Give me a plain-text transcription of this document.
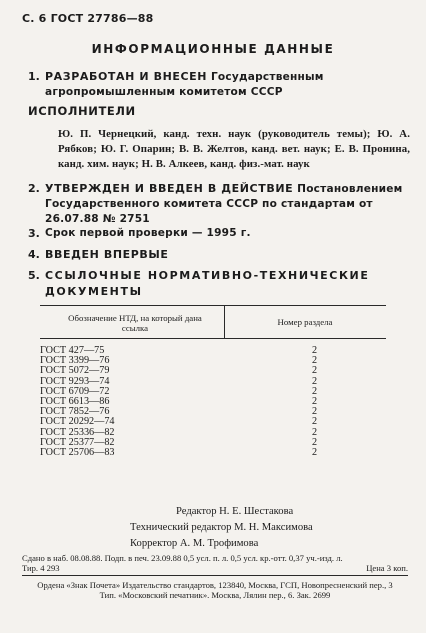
С. 6 ГОСТ 27786—88
ИНФОРМАЦИОННЫЕ ДАННЫЕ
1. РАЗРАБОТАН И ВНЕСЕН Государственным агропромышленным комитетом СССР
ИСПОЛНИТЕЛИ
Ю. П. Чернецкий, канд. техн. наук (руководитель темы); Ю. А. Рябков; Ю. Г. Опарин; В. В. Желтов, канд. вет. наук; Е. В. Пронина, канд. хим. наук; Н. В. Алкеев, канд. физ.-мат. наук
2. УТВЕРЖДЕН И ВВЕДЕН В ДЕЙСТВИЕ Постановлением Государственного комитета СССР по стандартам от 26.07.88 № 2751
3. Срок первой проверки — 1995 г.
4. ВВЕДЕН ВПЕРВЫЕ
5. ССЫЛОЧНЫЕ НОРМАТИВНО-ТЕХНИЧЕСКИЕ ДОКУМЕНТЫ
Обозначение НТД, на который дана ссылка
Номер раздела
ГОСТ 427—75	2
ГОСТ 3399—76	2
ГОСТ 5072—79	2
ГОСТ 9293—74	2
ГОСТ 6709—72	2
ГОСТ 6613—86	2
ГОСТ 7852—76	2
ГОСТ 20292—74	2
ГОСТ 25336—82	2
ГОСТ 25377—82	2
ГОСТ 25706—83	2
Редактор Н. Е. Шестакова
Технический редактор М. Н. Максимова
Корректор А. М. Трофимова
Сдано в наб. 08.08.88. Подп. в печ. 23.09.88 0,5 усл. п. л. 0,5 усл. кр.-отт. 0,37 уч.-изд. л.
Тир. 4 293	Цена 3 коп.
Ордена «Знак Почета» Издательство стандартов, 123840, Москва, ГСП, Новопресненский пер., 3
Тип. «Московский печатник». Москва, Лялин пер., 6. Зак. 2699
